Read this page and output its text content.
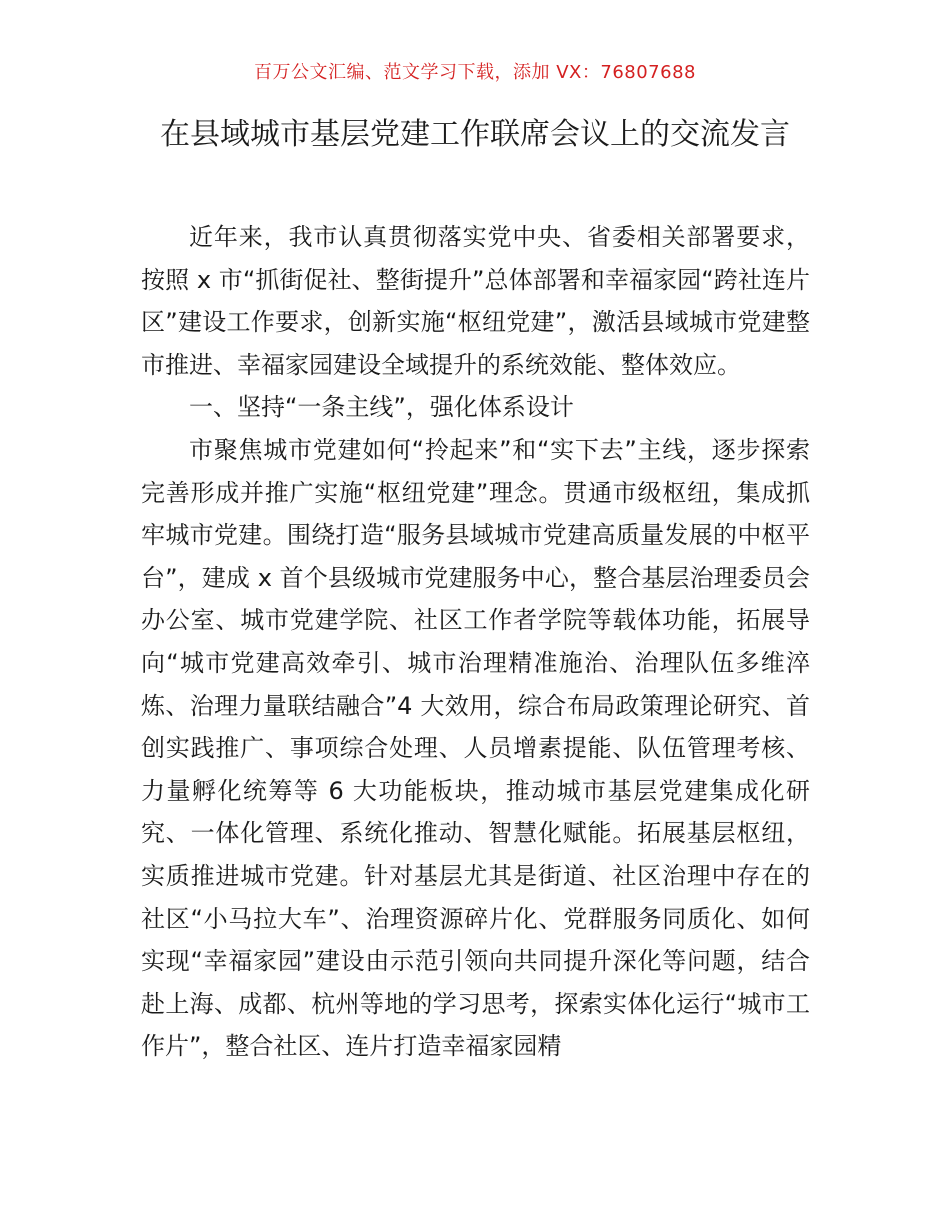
百万公文汇编、范文学习下载，添加 VX：76807688
在县域城市基层党建工作联席会议上的交流发言

近年来，我市认真贯彻落实党中央、省委相关部署要求，按照 x 市“抓街促社、整街提升”总体部署和幸福家园“跨社连片区”建设工作要求，创新实施“枢纽党建”，激活县域城市党建整市推进、幸福家园建设全域提升的系统效能、整体效应。

一、坚持“一条主线”，强化体系设计

市聚焦城市党建如何“拎起来”和“实下去”主线，逐步探索完善形成并推广实施“枢纽党建”理念。贯通市级枢纽，集成抓牢城市党建。围绕打造“服务县域城市党建高质量发展的中枢平台”，建成 x 首个县级城市党建服务中心，整合基层治理委员会办公室、城市党建学院、社区工作者学院等载体功能，拓展导向“城市党建高效牵引、城市治理精准施治、治理队伍多维淬炼、治理力量联结融合”4 大效用，综合布局政策理论研究、首创实践推广、事项综合处理、人员增素提能、队伍管理考核、力量孵化统筹等 6 大功能板块，推动城市基层党建集成化研究、一体化管理、系统化推动、智慧化赋能。拓展基层枢纽，实质推进城市党建。针对基层尤其是街道、社区治理中存在的社区“小马拉大车”、治理资源碎片化、党群服务同质化、如何实现“幸福家园”建设由示范引领向共同提升深化等问题，结合赴上海、成都、杭州等地的学习思考，探索实体化运行“城市工作片”，整合社区、连片打造幸福家园精
